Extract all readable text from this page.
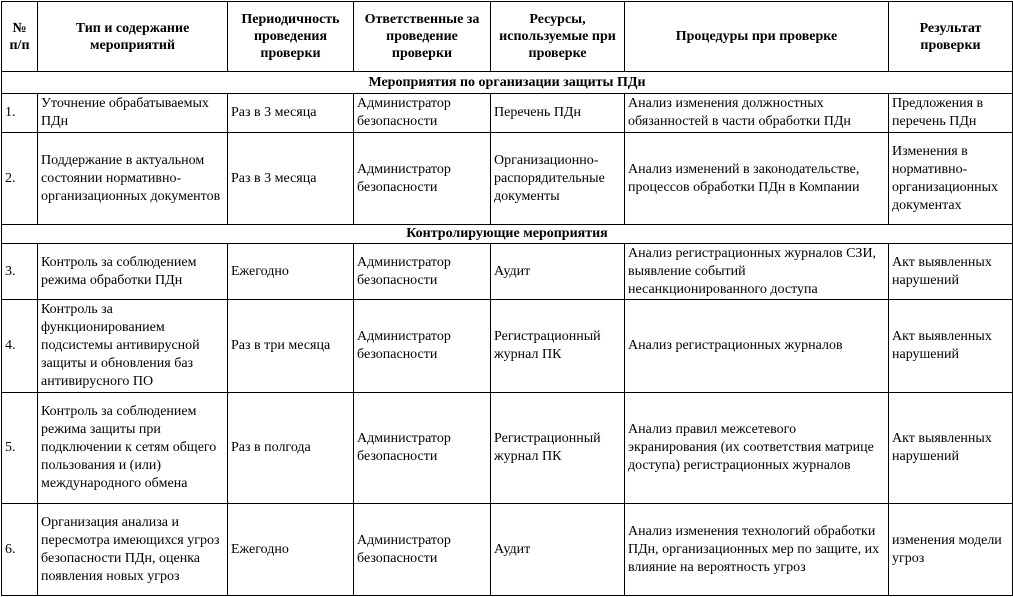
№ п/п	Тип и содержание мероприятий	Периодичность проведения проверки	Ответственные за проведение проверки	Ресурсы, используемые при проверке	Процедуры при проверке	Результат проверки
Мероприятия по организации защиты ПДн						
1.	Уточнение обрабатываемых ПДн	Раз в 3 месяца	Администратор безопасности	Перечень ПДн	Анализ изменения должностных обязанностей в части обработки ПДн	Предложения в перечень ПДн
2.	Поддержание в актуальном состоянии нормативно-организационных документов	Раз в 3 месяца	Администратор безопасности	Организационно-распорядительные документы	Анализ изменений в законодательстве, процессов обработки ПДн в Компании	Изменения в нормативно-организационных документах
Контролирующие мероприятия						
3.	Контроль за соблюдением режима обработки ПДн	Ежегодно	Администратор безопасности	Аудит	Анализ регистрационных журналов СЗИ, выявление событий несанкционированного доступа	Акт выявленных нарушений
4.	Контроль за функционированием подсистемы антивирусной защиты и обновления баз антивирусного ПО	Раз в три месяца	Администратор безопасности	Регистрационный журнал ПК	Анализ регистрационных журналов	Акт выявленных нарушений
5.	Контроль за соблюдением режима защиты при подключении к сетям общего пользования и (или) международного обмена	Раз в полгода	Администратор безопасности	Регистрационный журнал ПК	Анализ правил межсетевого экранирования (их соответствия матрице доступа) регистрационных журналов	Акт выявленных нарушений
6.	Организация анализа и пересмотра имеющихся угроз безопасности ПДн, оценка появления новых угроз	Ежегодно	Администратор безопасности	Аудит	Анализ изменения технологий обработки ПДн, организационных мер по защите, их влияние на вероятность угроз	изменения модели угроз
